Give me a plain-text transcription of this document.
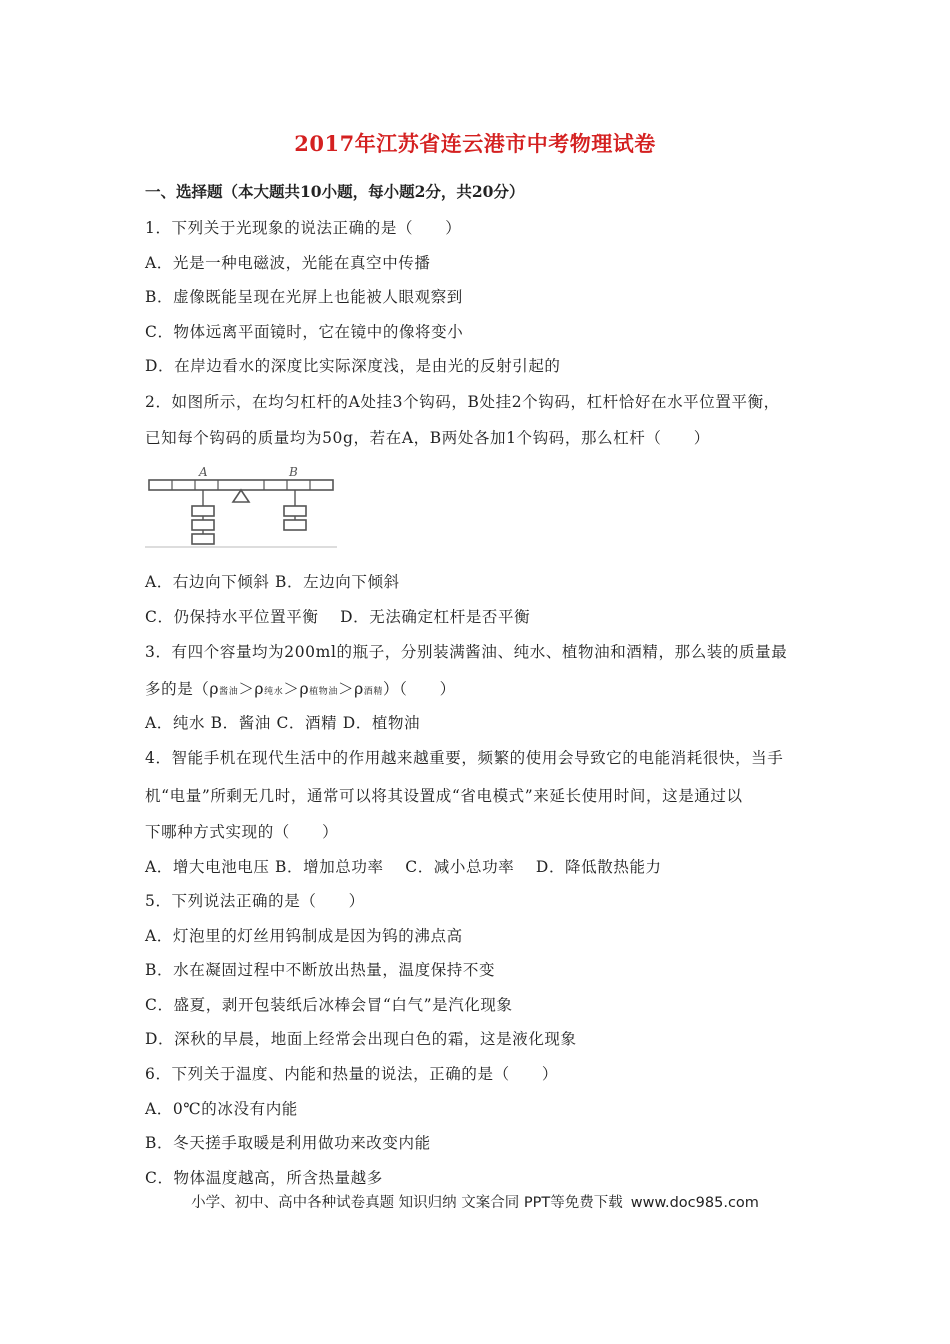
2017年江苏省连云港市中考物理试卷
一、选择题（本大题共10小题，每小题2分，共20分）
1．下列关于光现象的说法正确的是（　　）
A．光是一种电磁波，光能在真空中传播
B．虚像既能呈现在光屏上也能被人眼观察到
C．物体远离平面镜时，它在镜中的像将变小
D．在岸边看水的深度比实际深度浅，是由光的反射引起的
2．如图所示，在均匀杠杆的A处挂3个钩码，B处挂2个钩码，杠杆恰好在水平位置平衡，
已知每个钩码的质量均为50g，若在A，B两处各加1个钩码，那么杠杆（　　）
A	B
A．右边向下倾斜 B．左边向下倾斜
C．仍保持水平位置平衡　 D．无法确定杠杆是否平衡
3．有四个容量均为200ml的瓶子，分别装满酱油、纯水、植物油和酒精，那么装的质量最
多的是（ρ酱油＞ρ纯水＞ρ植物油＞ρ酒精）（　　）
A．纯水 B．酱油 C．酒精 D．植物油
4．智能手机在现代生活中的作用越来越重要，频繁的使用会导致它的电能消耗很快，当手
机“电量”所剩无几时，通常可以将其设置成“省电模式”来延长使用时间，这是通过以
下哪种方式实现的（　　）
A．增大电池电压 B．增加总功率　 C．减小总功率　 D．降低散热能力
5．下列说法正确的是（　　）
A．灯泡里的灯丝用钨制成是因为钨的沸点高
B．水在凝固过程中不断放出热量，温度保持不变
C．盛夏，剥开包装纸后冰棒会冒“白气”是汽化现象
D．深秋的早晨，地面上经常会出现白色的霜，这是液化现象
6．下列关于温度、内能和热量的说法，正确的是（　　）
A．0℃的冰没有内能
B．冬天搓手取暖是利用做功来改变内能
C．物体温度越高，所含热量越多
小学、初中、高中各种试卷真题 知识归纳 文案合同 PPT等免费下载 www.doc985.com
